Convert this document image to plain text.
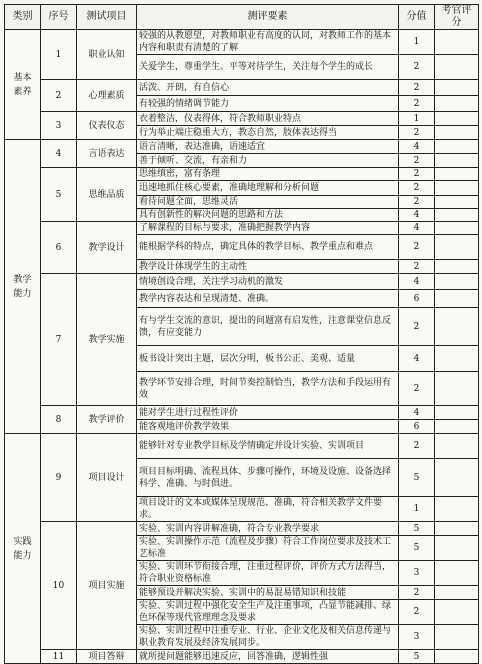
类别	序号	测试项目	测评要素	分值	考官评分

基本
素养	1	职业认知	较强的从教愿望，对教师职业有高度的认同，对教师工作的基本内容和职责有清楚的了解	1	
			关爱学生，尊重学生、平等对待学生，关注每个学生的成长	2	
	2	心理素质	活泼、开朗，有自信心	2	
			有较强的情绪调节能力	2	
	3	仪表仪态	衣着整洁，仪表得体，符合教师职业特点	1	
			行为举止端庄稳重大方，教态自然，肢体表达得当	2	

教学
能力	4	言语表达	语言清晰，表达准确，语速适宜	4	
			善于倾听、交流，有亲和力	2	
	5	思维品质	思维缜密，富有条理	2	
			迅速地抓住核心要素，准确地理解和分析问题	2	
			看待问题全面，思维灵活	2	
			具有创新性的解决问题的思路和方法	4	
	6	教学设计	了解课程的目标与要求，准确把握教学内容	4	
			能根据学科的特点，确定具体的教学目标、教学重点和难点	2	
			教学设计体现学生的主动性	2	
	7	教学实施	情境创设合理，关注学习动机的激发	4	
			教学内容表达和呈现清楚、准确。	6	
			有与学生交流的意识，提出的问题富有启发性，注意课堂信息反馈，有应变能力	2	
			板书设计突出主题，层次分明，板书公正、美观、适量	4	
			教学环节安排合理，时间节奏控制恰当，教学方法和手段运用有效	2	
	8	教学评价	能对学生进行过程性评价	4	
			能客观地评价教学效果	6	

实践
能力	9	项目设计	能够针对专业教学目标及学情确定并设计实验、实训项目	2	
			项目目标明确、流程具体、步骤可操作，环境及设施、设备选择科学、准确、与时俱进。	5	
			项目设计的文本或媒体呈现规范、准确，符合相关教学文件要求。	1	
	10	项目实施	实验、实训内容讲解准确，符合专业教学要求	5	
			实验、实训操作示范（流程及步骤）符合工作岗位要求及技术工艺标准	5	
			实验、实训环节衔接合理，注重过程评价，评价方式方法得当，符合职业资格标准	3	
			能够预设并解决实验、实训中的易混易错知识和技能	2	
			实验、实训过程中强化安全生产及注重事项，凸显节能减排、绿色环保等现代管理理念及要求	2	
			实验、实训过程中注重专业、行业、企业文化及相关信息传递与职业教育发展及经济发展同步。	3	
	11	项目答辩	就所提问题能够迅速反应，回答准确，逻辑性强	5	
